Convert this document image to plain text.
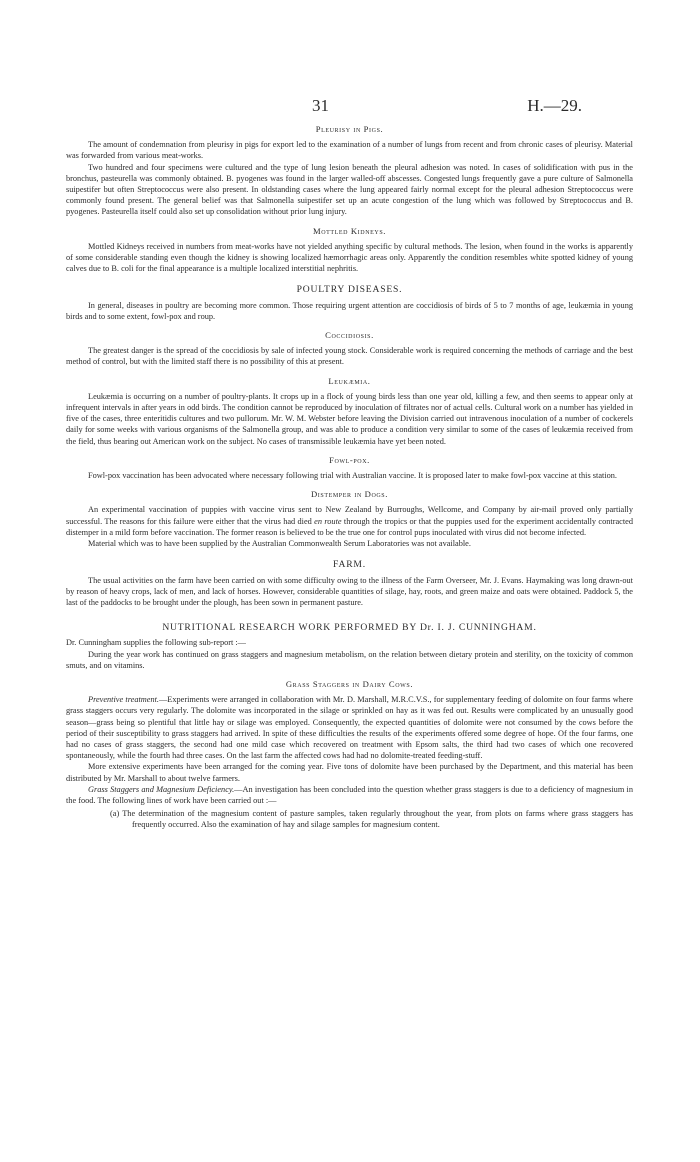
31	H.—29.
Pleurisy in Pigs.

The amount of condemnation from pleurisy in pigs for export led to the examination of a number of lungs from recent and from chronic cases of pleurisy. Material was forwarded from various meat-works.

Two hundred and four specimens were cultured and the type of lung lesion beneath the pleural adhesion was noted. In cases of solidification with pus in the bronchus, pasteurella was commonly obtained. B. pyogenes was found in the larger walled-off abscesses. Congested lungs frequently gave a pure culture of Salmonella suipestifer but often Streptococcus were also present. In oldstanding cases where the lung appeared fairly normal except for the pleural adhesion Streptococcus were commonly found present. The general belief was that Salmonella suipestifer set up an acute congestion of the lung which was followed by Streptococcus and B. pyogenes. Pasteurella itself could also set up consolidation without prior lung injury.

Mottled Kidneys.

Mottled Kidneys received in numbers from meat-works have not yielded anything specific by cultural methods. The lesion, when found in the works is apparently of some considerable standing even though the kidney is showing localized hæmorrhagic areas only. Apparently the condition resembles white spotted kidney of young calves due to B. coli for the final appearance is a multiple localized interstitial nephritis.

POULTRY DISEASES.

In general, diseases in poultry are becoming more common. Those requiring urgent attention are coccidiosis of birds of 5 to 7 months of age, leukæmia in young birds and to some extent, fowl-pox and roup.

Coccidiosis.

The greatest danger is the spread of the coccidiosis by sale of infected young stock. Considerable work is required concerning the methods of carriage and the best method of control, but with the limited staff there is no possibility of this at present.

Leukæmia.

Leukæmia is occurring on a number of poultry-plants. It crops up in a flock of young birds less than one year old, killing a few, and then seems to appear only at infrequent intervals in after years in odd birds. The condition cannot be reproduced by inoculation of filtrates nor of actual cells. Cultural work on a number has yielded in five of the cases, three enteritidis cultures and two pullorum. Mr. W. M. Webster before leaving the Division carried out intravenous inoculation of a number of cockerels daily for some weeks with various organisms of the Salmonella group, and was able to produce a condition very similar to some of the cases of leukæmia received from the field, thus bearing out American work on the subject. No cases of transmissible leukæmia have yet been noted.

Fowl-pox.

Fowl-pox vaccination has been advocated where necessary following trial with Australian vaccine. It is proposed later to make fowl-pox vaccine at this station.

Distemper in Dogs.

An experimental vaccination of puppies with vaccine virus sent to New Zealand by Burroughs, Wellcome, and Company by air-mail proved only partially successful. The reasons for this failure were either that the virus had died en route through the tropics or that the puppies used for the experiment accidentally contracted distemper in a mild form before vaccination. The former reason is believed to be the true one for control pups inoculated with virus did not become infected.

Material which was to have been supplied by the Australian Commonwealth Serum Laboratories was not available.

FARM.

The usual activities on the farm have been carried on with some difficulty owing to the illness of the Farm Overseer, Mr. J. Evans. Haymaking was long drawn-out by reason of heavy crops, lack of men, and lack of horses. However, considerable quantities of silage, hay, roots, and green maize and oats were obtained. Paddock 5, the last of the paddocks to be brought under the plough, has been sown in permanent pasture.

NUTRITIONAL RESEARCH WORK PERFORMED BY Dr. I. J. CUNNINGHAM.

Dr. Cunningham supplies the following sub-report :—

During the year work has continued on grass staggers and magnesium metabolism, on the relation between dietary protein and sterility, on the toxicity of common smuts, and on vitamins.

Grass Staggers in Dairy Cows.

Preventive treatment.—Experiments were arranged in collaboration with Mr. D. Marshall, M.R.C.V.S., for supplementary feeding of dolomite on four farms where grass staggers occurs very regularly. The dolomite was incorporated in the silage or sprinkled on hay as it was fed out. Results were complicated by an unusually good season—grass being so plentiful that little hay or silage was employed. Consequently, the expected quantities of dolomite were not consumed by the cows before the period of their susceptibility to grass staggers had arrived. In spite of these difficulties the results of the experiments offered some degree of hope. Of the four farms, one had no cases of grass staggers, the second had one mild case which recovered on treatment with Epsom salts, the third had two cases of which one recovered spontaneously, while the fourth had three cases. On the last farm the affected cows had had no dolomite-treated feeding-stuff.

More extensive experiments have been arranged for the coming year. Five tons of dolomite have been purchased by the Department, and this material has been distributed by Mr. Marshall to about twelve farmers.

Grass Staggers and Magnesium Deficiency.—An investigation has been concluded into the question whether grass staggers is due to a deficiency of magnesium in the food. The following lines of work have been carried out :—

(a) The determination of the magnesium content of pasture samples, taken regularly throughout the year, from plots on farms where grass staggers has frequently occurred. Also the examination of hay and silage samples for magnesium content.
